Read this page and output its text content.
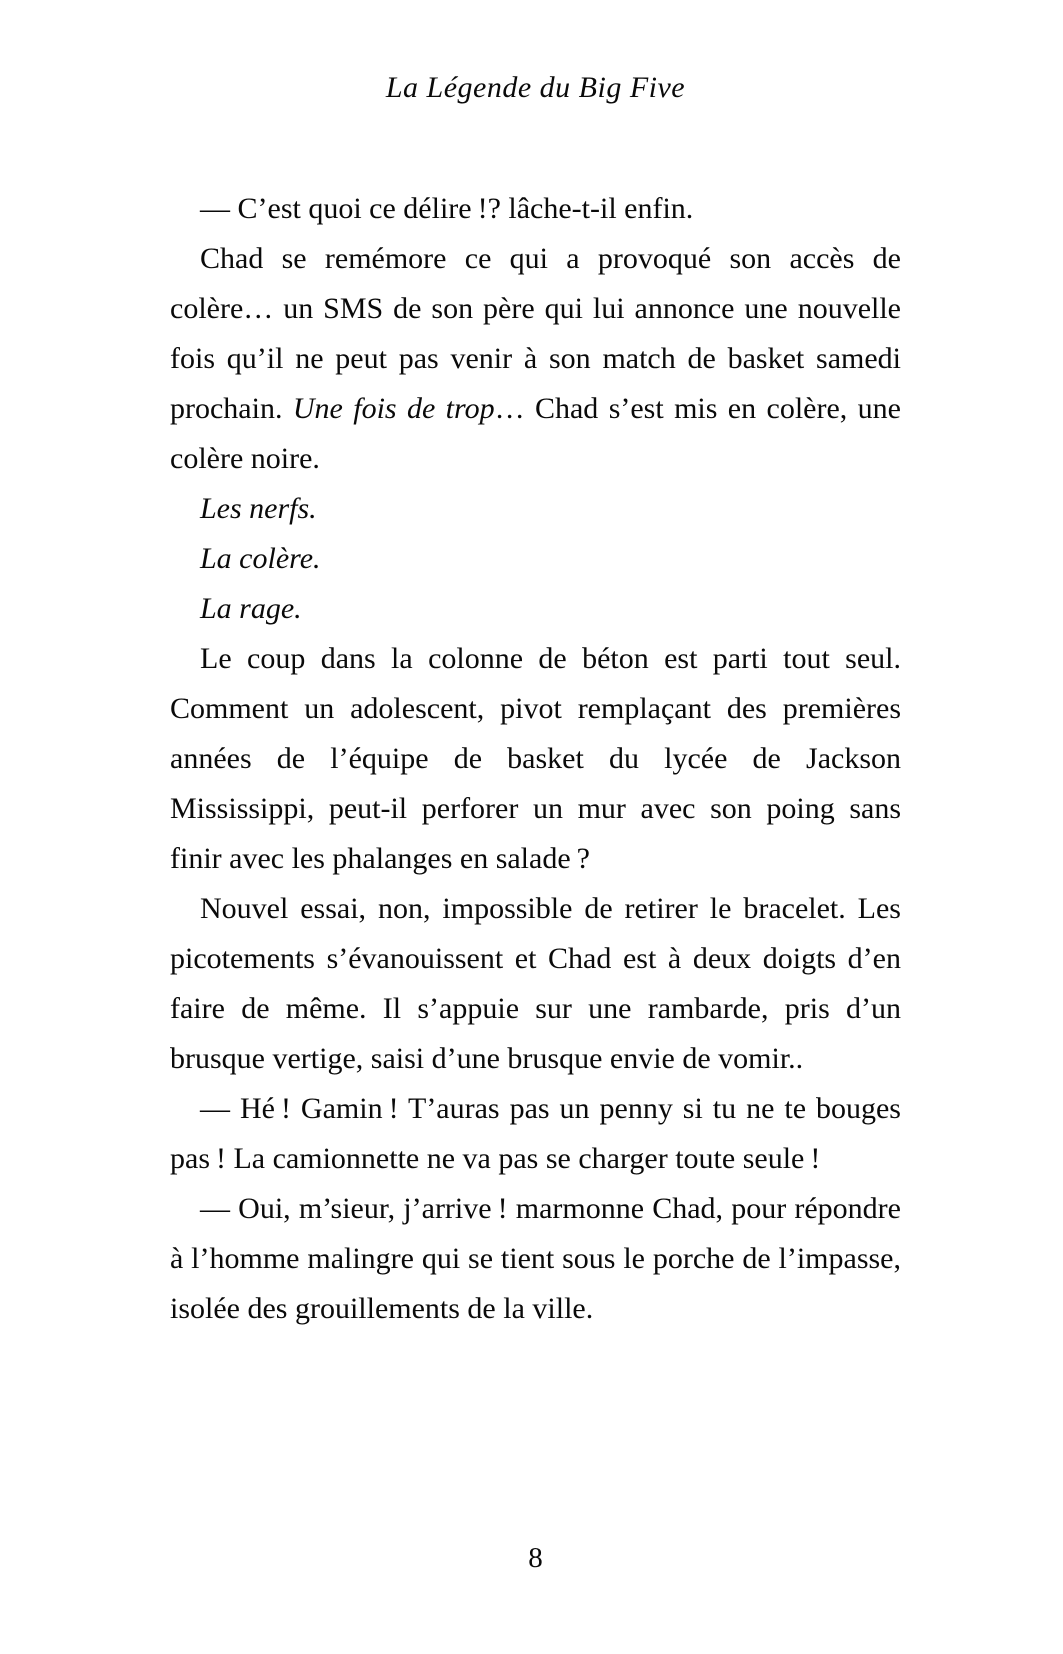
La Légende du Big Five

— C’est quoi ce délire !? lâche-t-il enfin.

Chad se remémore ce qui a provoqué son accès de colère… un SMS de son père qui lui annonce une nouvelle fois qu’il ne peut pas venir à son match de basket samedi prochain. Une fois de trop… Chad s’est mis en colère, une colère noire.

Les nerfs.

La colère.

La rage.

Le coup dans la colonne de béton est parti tout seul. Comment un adolescent, pivot remplaçant des premières années de l’équipe de basket du lycée de Jackson Mississippi, peut-il perforer un mur avec son poing sans finir avec les phalanges en salade ?

Nouvel essai, non, impossible de retirer le bracelet. Les picotements s’évanouissent et Chad est à deux doigts d’en faire de même. Il s’appuie sur une rambarde, pris d’un brusque vertige, saisi d’une brusque envie de vomir..

— Hé ! Gamin ! T’auras pas un penny si tu ne te bouges pas ! La camionnette ne va pas se charger toute seule !

— Oui, m’sieur, j’arrive ! marmonne Chad, pour répondre à l’homme malingre qui se tient sous le porche de l’impasse, isolée des grouillements de la ville.

8
